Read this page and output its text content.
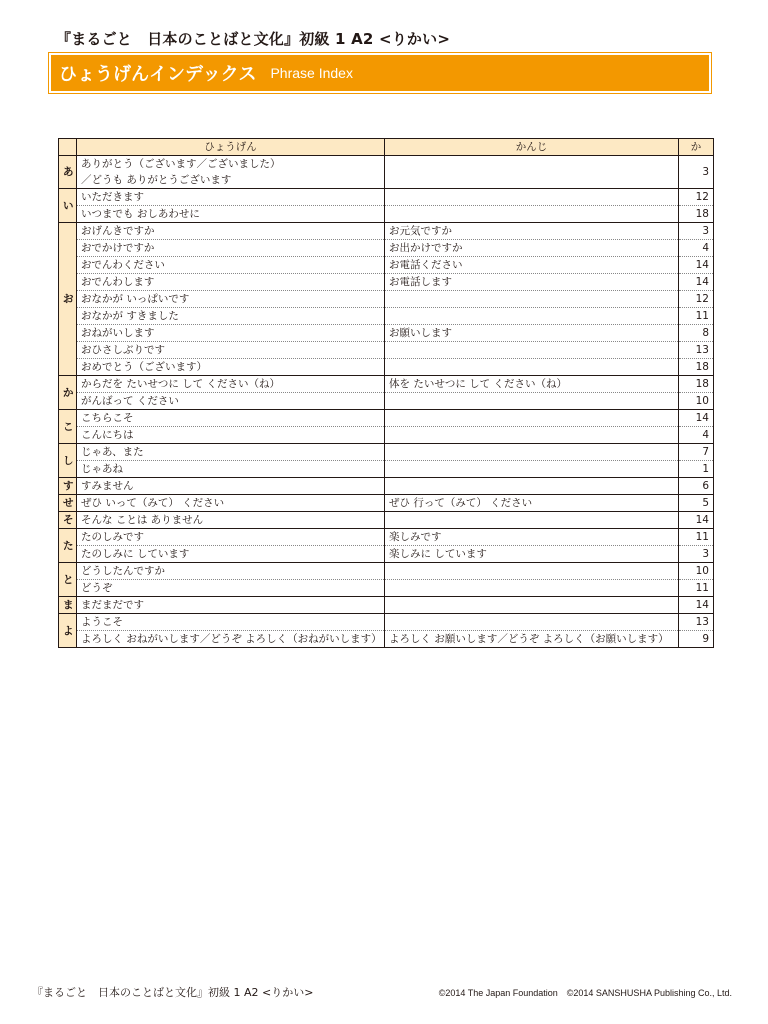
『まるごと　日本のことばと文化』初級 1 A2 <りかい>
ひょうげんインデックス Phrase Index
	ひょうげん	かんじ	か
あ	ありがとう（ございます／ございました）
／どうも ありがとうございます		3
い	いただきます		12

	いつまでも おしあわせに		18
お	おげんきですか	お元気ですか	3

	おでかけですか	お出かけですか	4

	おでんわください	お電話ください	14

	おでんわします	お電話します	14

	おなかが いっぱいです		12

	おなかが すきました		11

	おねがいします	お願いします	8

	おひさしぶりです		13

	おめでとう（ございます）		18
か	からだを たいせつに して ください（ね）	体を たいせつに して ください（ね）	18

	がんばって ください		10
こ	こちらこそ		14

	こんにちは		4
し	じゃあ、また		7

	じゃあね		1
す	すみません		6
せ	ぜひ いって（みて） ください	ぜひ 行って（みて） ください	5
そ	そんな ことは ありません		14
た	たのしみです	楽しみです	11

	たのしみに しています	楽しみに しています	3
と	どうしたんですか		10

	どうぞ		11
ま	まだまだです		14
よ	ようこそ		13

	よろしく おねがいします／どうぞ よろしく（おねがいします）	よろしく お願いします／どうぞ よろしく（お願いします）	9
『まるごと　日本のことばと文化』初級 1 A2 <りかい>	©2014 The Japan Foundation　©2014 SANSHUSHA Publishing Co., Ltd.
